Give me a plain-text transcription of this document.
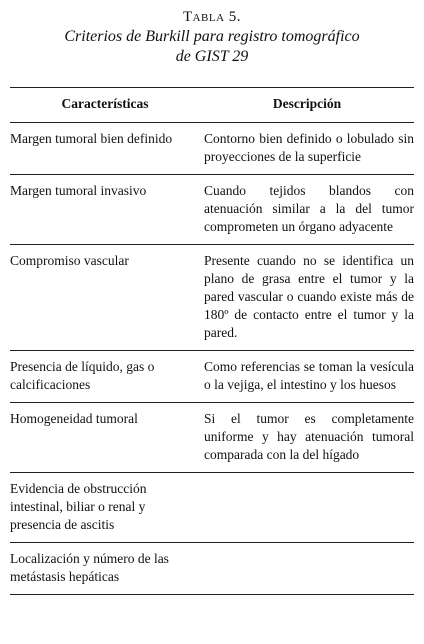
Tabla 5.
Criterios de Burkill para registro tomográfico
de GIST 29
Características	Descripción
Margen tumoral bien definido	Contorno bien definido o lobulado sin proyecciones de la superficie
Margen tumoral invasivo	Cuando tejidos blandos con atenuación similar a la del tumor comprometen un órgano adyacente
Compromiso vascular	Presente cuando no se identifica un plano de grasa entre el tumor y la pared vascular o cuando existe más de 180º de contacto entre el tumor y la pared.
Presencia de líquido, gas o calcificaciones	Como referencias se toman la vesícula o la vejiga, el intestino y los huesos
Homogeneidad tumoral	Si el tumor es completamente uniforme y hay atenuación tumoral comparada con la del hígado
Evidencia de obstrucción intestinal, biliar o renal y presencia de ascitis	
Localización y número de las metástasis hepáticas	
